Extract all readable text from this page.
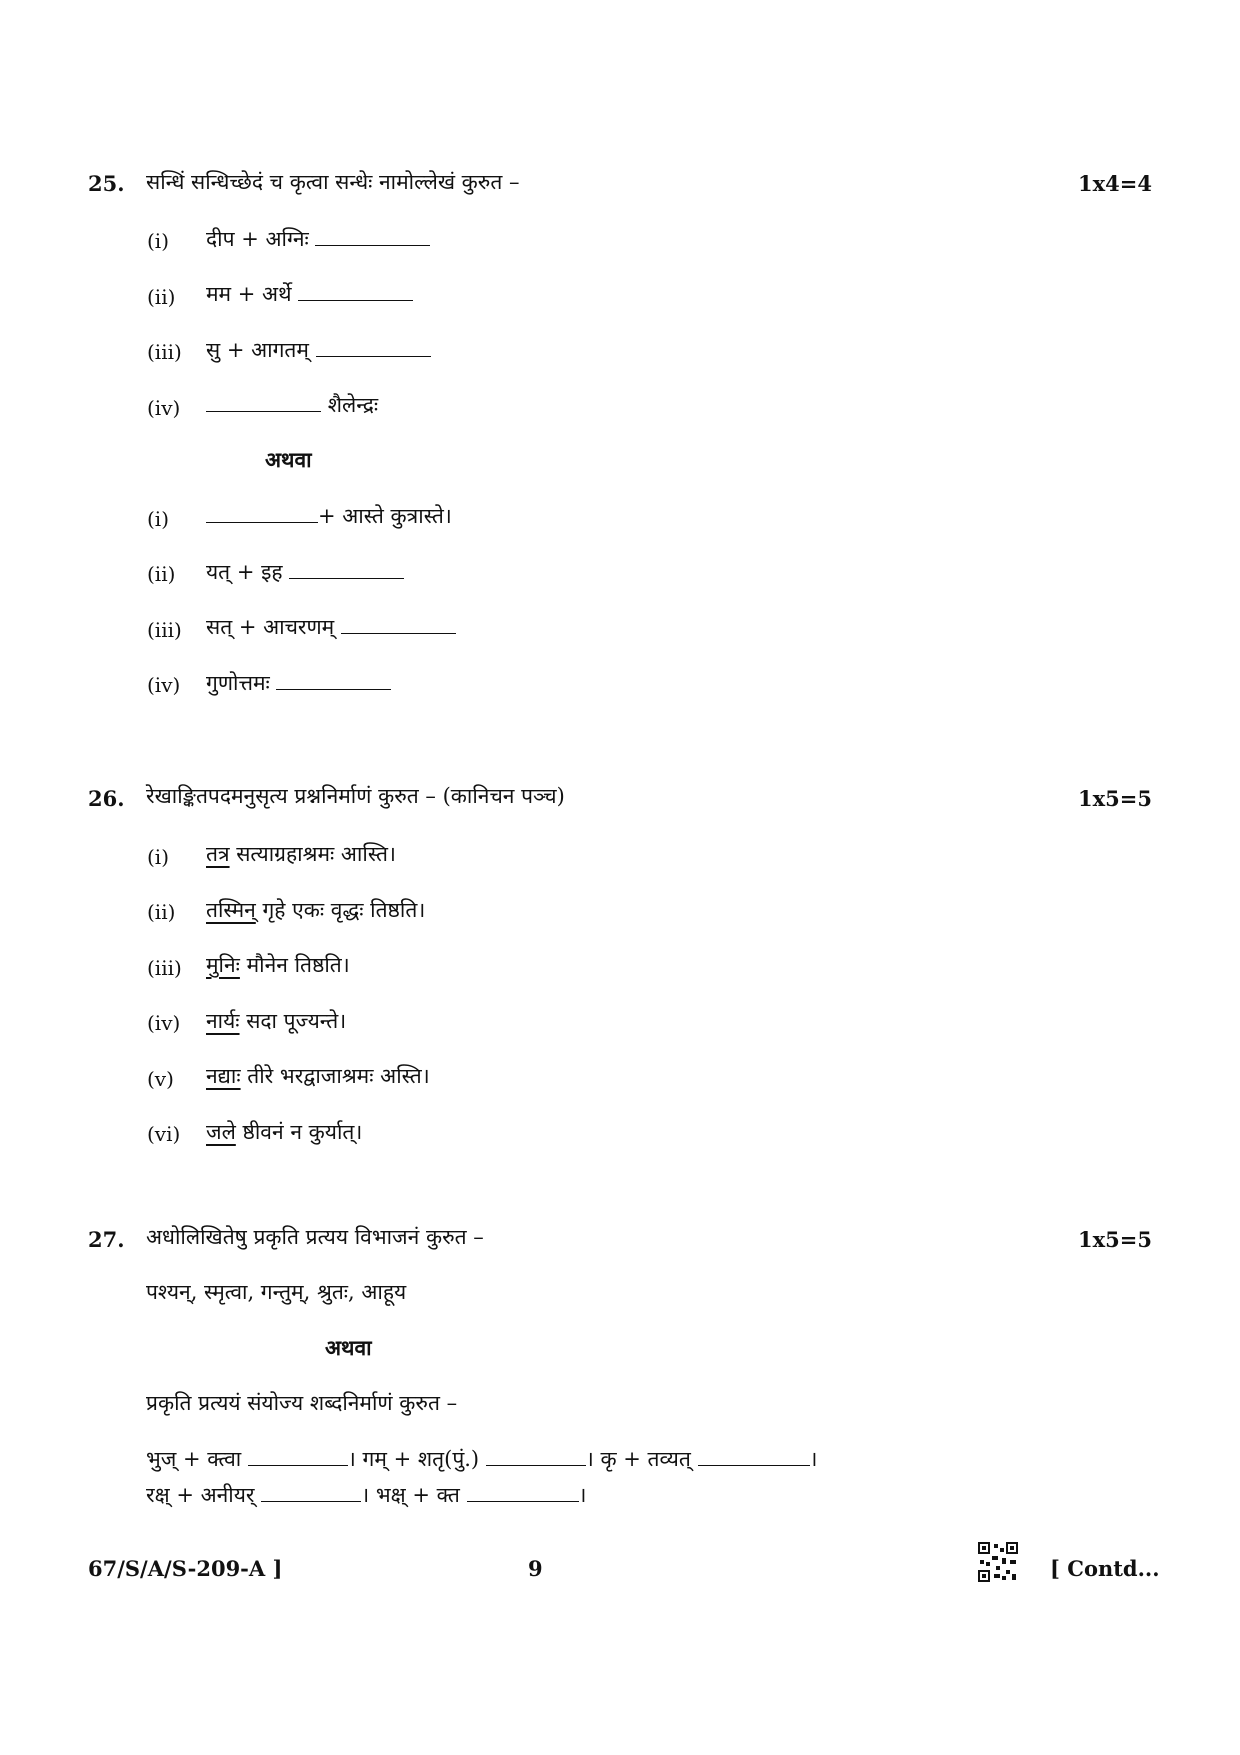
25. सन्धिं सन्धिच्छेदं च कृत्वा सन्धेः नामोल्लेखं कुरुत –	1x4=4
(i) दीप + अग्निः
(ii) मम + अर्थे
(iii) सु + आगतम्
(iv)	शैलेन्द्रः
अथवा
(i)	+ आस्ते कुत्रास्ते।
(ii) यत् + इह
(iii) सत् + आचरणम्
(iv) गुणोत्तमः
26. रेखाङ्कितपदमनुसृत्य प्रश्ननिर्माणं कुरुत – (कानिचन पञ्च)	1x5=5
(i) तत्र सत्याग्रहाश्रमः आस्ति।
(ii) तस्मिन् गृहे एकः वृद्धः तिष्ठति।
(iii) मुनिः मौनेन तिष्ठति।
(iv) नार्यः सदा पूज्यन्ते।
(v) नद्याः तीरे भरद्वाजाश्रमः अस्ति।
(vi) जले ष्ठीवनं न कुर्यात्।
27. अधोलिखितेषु प्रकृति प्रत्यय विभाजनं कुरुत –	1x5=5
पश्यन्, स्मृत्वा, गन्तुम्, श्रुतः, आहूय
अथवा
प्रकृति प्रत्ययं संयोज्य शब्दनिर्माणं कुरुत –
भुज् + क्त्वा	। गम् + शतृ(पुं.)	। कृ + तव्यत्	।
रक्ष् + अनीयर्	। भक्ष् + क्त	।
67/S/A/S-209-A ]	9	[ Contd...
